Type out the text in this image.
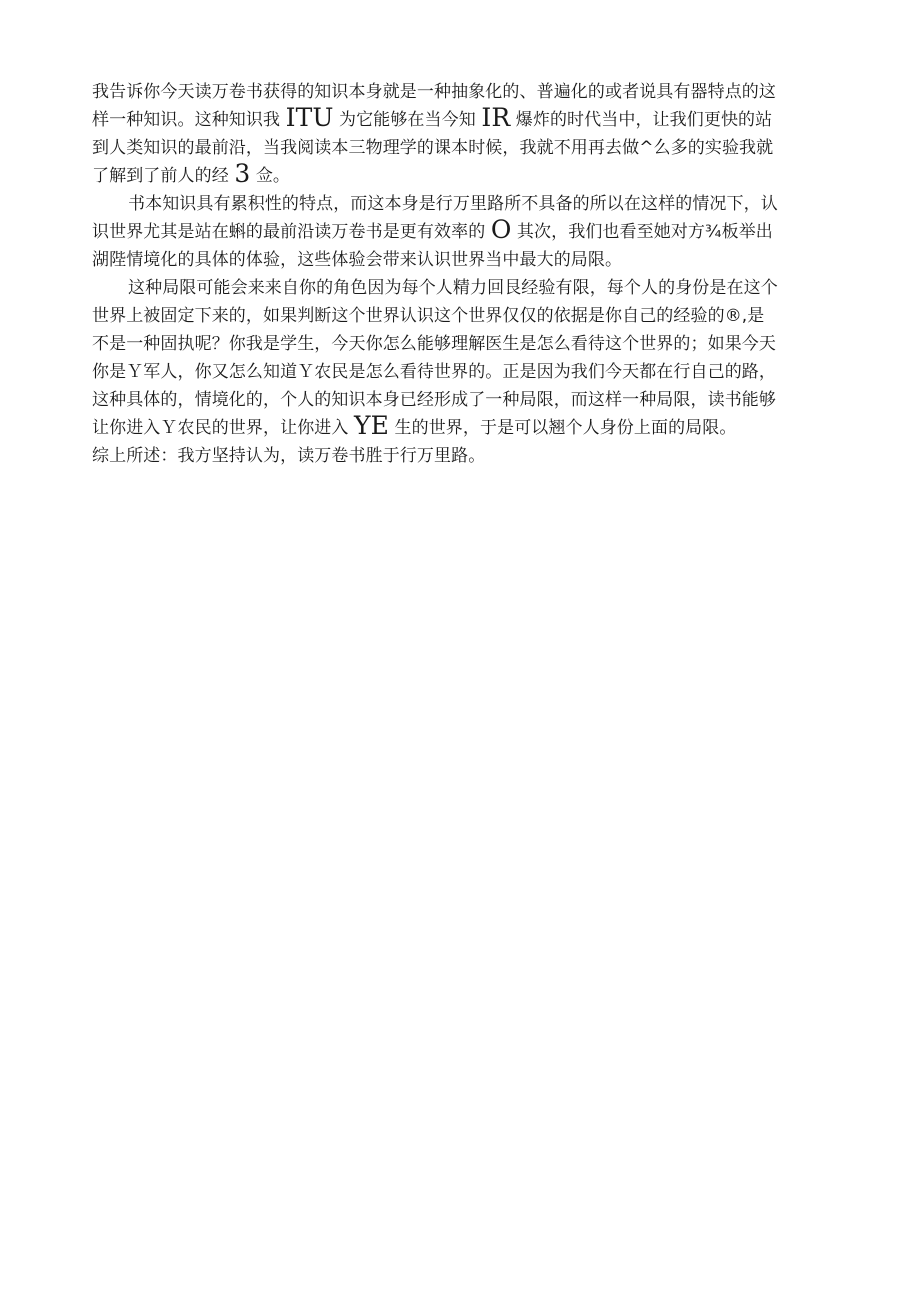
我告诉你今天读万卷书获得的知识本身就是一种抽象化的、普遍化的或者说具有器特点的这
样一种知识。这种知识我 ITU 为它能够在当今知 IR 爆炸的时代当中，让我们更快的站
到人类知识的最前沿，当我阅读本三物理学的课本时候，我就不用再去做^么多的实验我就
了解到了前人的经 3 佥。
书本知识具有累积性的特点，而这本身是行万里路所不具备的所以在这样的情况下，认
识世界尤其是站在蝌的最前沿读万卷书是更有效率的 O 其次，我们也看至她对方¾板举出
湖陛情境化的具体的体验，这些体验会带来认识世界当中最大的局限。
这种局限可能会来来自你的角色因为每个人精力回艮经验有限，每个人的身份是在这个
世界上被固定下来的，如果判断这个世界认识这个世界仅仅的依据是你自己的经验的®,是
不是一种固执呢？你我是学生，今天你怎么能够理解医生是怎么看待这个世界的；如果今天
你是Ｙ军人，你又怎么知道Ｙ农民是怎么看待世界的。正是因为我们今天都在行自己的路，
这种具体的，情境化的，个人的知识本身已经形成了一种局限，而这样一种局限，读书能够
让你进入Ｙ农民的世界，让你进入 YE 生的世界，于是可以翘个人身份上面的局限。
综上所述：我方坚持认为，读万卷书胜于行万里路。
